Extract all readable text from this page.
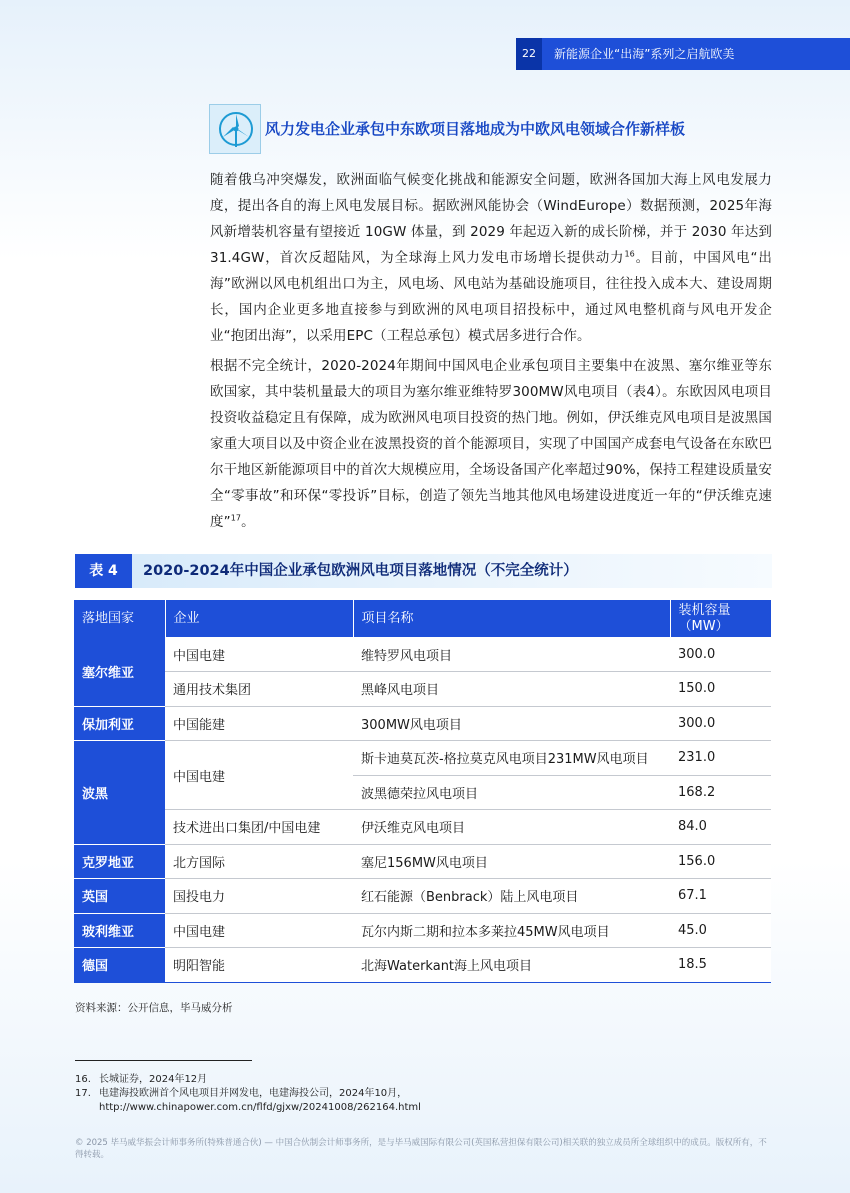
22	新能源企业“出海”系列之启航欧美
风力发电企业承包中东欧项目落地成为中欧风电领域合作新样板

随着俄乌冲突爆发，欧洲面临气候变化挑战和能源安全问题，欧洲各国加大海上风电发展力度，提出各自的海上风电发展目标。据欧洲风能协会（WindEurope）数据预测，2025年海风新增装机容量有望接近 10GW 体量，到 2029 年起迈入新的成长阶梯，并于 2030 年达到31.4GW，首次反超陆风，为全球海上风力发电市场增长提供动力$^{16}$。目前，中国风电“出海”欧洲以风电机组出口为主，风电场、风电站为基础设施项目，往往投入成本大、建设周期长，国内企业更多地直接参与到欧洲的风电项目招投标中，通过风电整机商与风电开发企业“抱团出海”，以采用EPC（工程总承包）模式居多进行合作。

根据不完全统计，2020-2024年期间中国风电企业承包项目主要集中在波黑、塞尔维亚等东欧国家，其中装机量最大的项目为塞尔维亚维特罗300MW风电项目（表4）。东欧因风电项目投资收益稳定且有保障，成为欧洲风电项目投资的热门地。例如，伊沃维克风电项目是波黑国家重大项目以及中资企业在波黑投资的首个能源项目，实现了中国国产成套电气设备在东欧巴尔干地区新能源项目中的首次大规模应用，全场设备国产化率超过90%，保持工程建设质量安全“零事故”和环保“零投诉”目标，创造了领先当地其他风电场建设进度近一年的“伊沃维克速度”$^{17}$。

表 4	2020-2024年中国企业承包欧洲风电项目落地情况（不完全统计）
落地国家	企业	项目名称	装机容量（MW）
塞尔维亚	中国电建	维特罗风电项目	300.0
	通用技术集团	黑峰风电项目	150.0
保加利亚	中国能建	300MW风电项目	300.0
波黑	中国电建	斯卡迪莫瓦茨-格拉莫克风电项目231MW风电项目	231.0
		波黑德荣拉风电项目	168.2
	技术进出口集团/中国电建	伊沃维克风电项目	84.0
克罗地亚	北方国际	塞尼156MW风电项目	156.0
英国	国投电力	红石能源（Benbrack）陆上风电项目	67.1
玻利维亚	中国电建	瓦尔内斯二期和拉本多莱拉45MW风电项目	45.0
德国	明阳智能	北海Waterkant海上风电项目	18.5
资料来源：公开信息，毕马威分析
16. 长城证券，2024年12月
17. 电建海投欧洲首个风电项目并网发电，电建海投公司，2024年10月，
http://www.chinapower.com.cn/flfd/gjxw/20241008/262164.html
© 2025 毕马威华振会计师事务所(特殊普通合伙) — 中国合伙制会计师事务所，是与毕马威国际有限公司(英国私营担保有限公司)相关联的独立成员所全球组织中的成员。版权所有，不得转载。
